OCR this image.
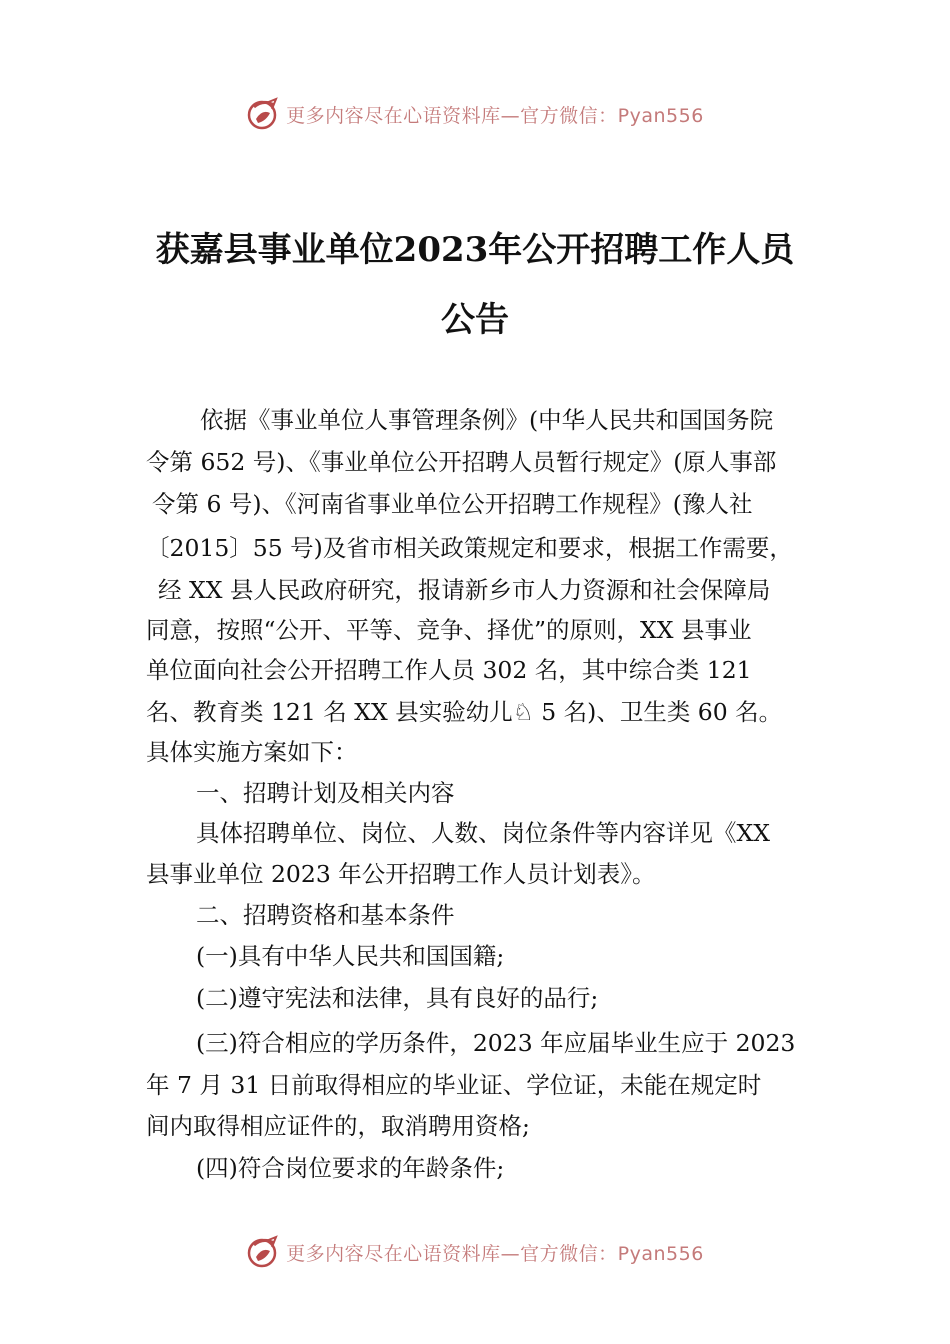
更多内容尽在心语资料库—官方微信：Pyan556
获嘉县事业单位2023年公开招聘工作人员
公告
依据《事业单位人事管理条例》(中华人民共和国国务院
令第 652 号)、《事业单位公开招聘人员暂行规定》(原人事部
令第 6 号)、《河南省事业单位公开招聘工作规程》(豫人社
〔2015〕55 号)及省市相关政策规定和要求，根据工作需要，
经 XX 县人民政府研究，报请新乡市人力资源和社会保障局
同意，按照“公开、平等、竞争、择优”的原则，XX 县事业
单位面向社会公开招聘工作人员 302 名，其中综合类 121
名、教育类 121 名 XX 县实验幼儿♘ 5 名)、卫生类 60 名。
具体实施方案如下：
一、招聘计划及相关内容
具体招聘单位、岗位、人数、岗位条件等内容详见《XX
县事业单位 2023 年公开招聘工作人员计划表》。
二、招聘资格和基本条件
(一)具有中华人民共和国国籍;
(二)遵守宪法和法律，具有良好的品行;
(三)符合相应的学历条件，2023 年应届毕业生应于 2023
年 7 月 31 日前取得相应的毕业证、学位证，未能在规定时
间内取得相应证件的，取消聘用资格;
(四)符合岗位要求的年龄条件;
更多内容尽在心语资料库—官方微信：Pyan556
